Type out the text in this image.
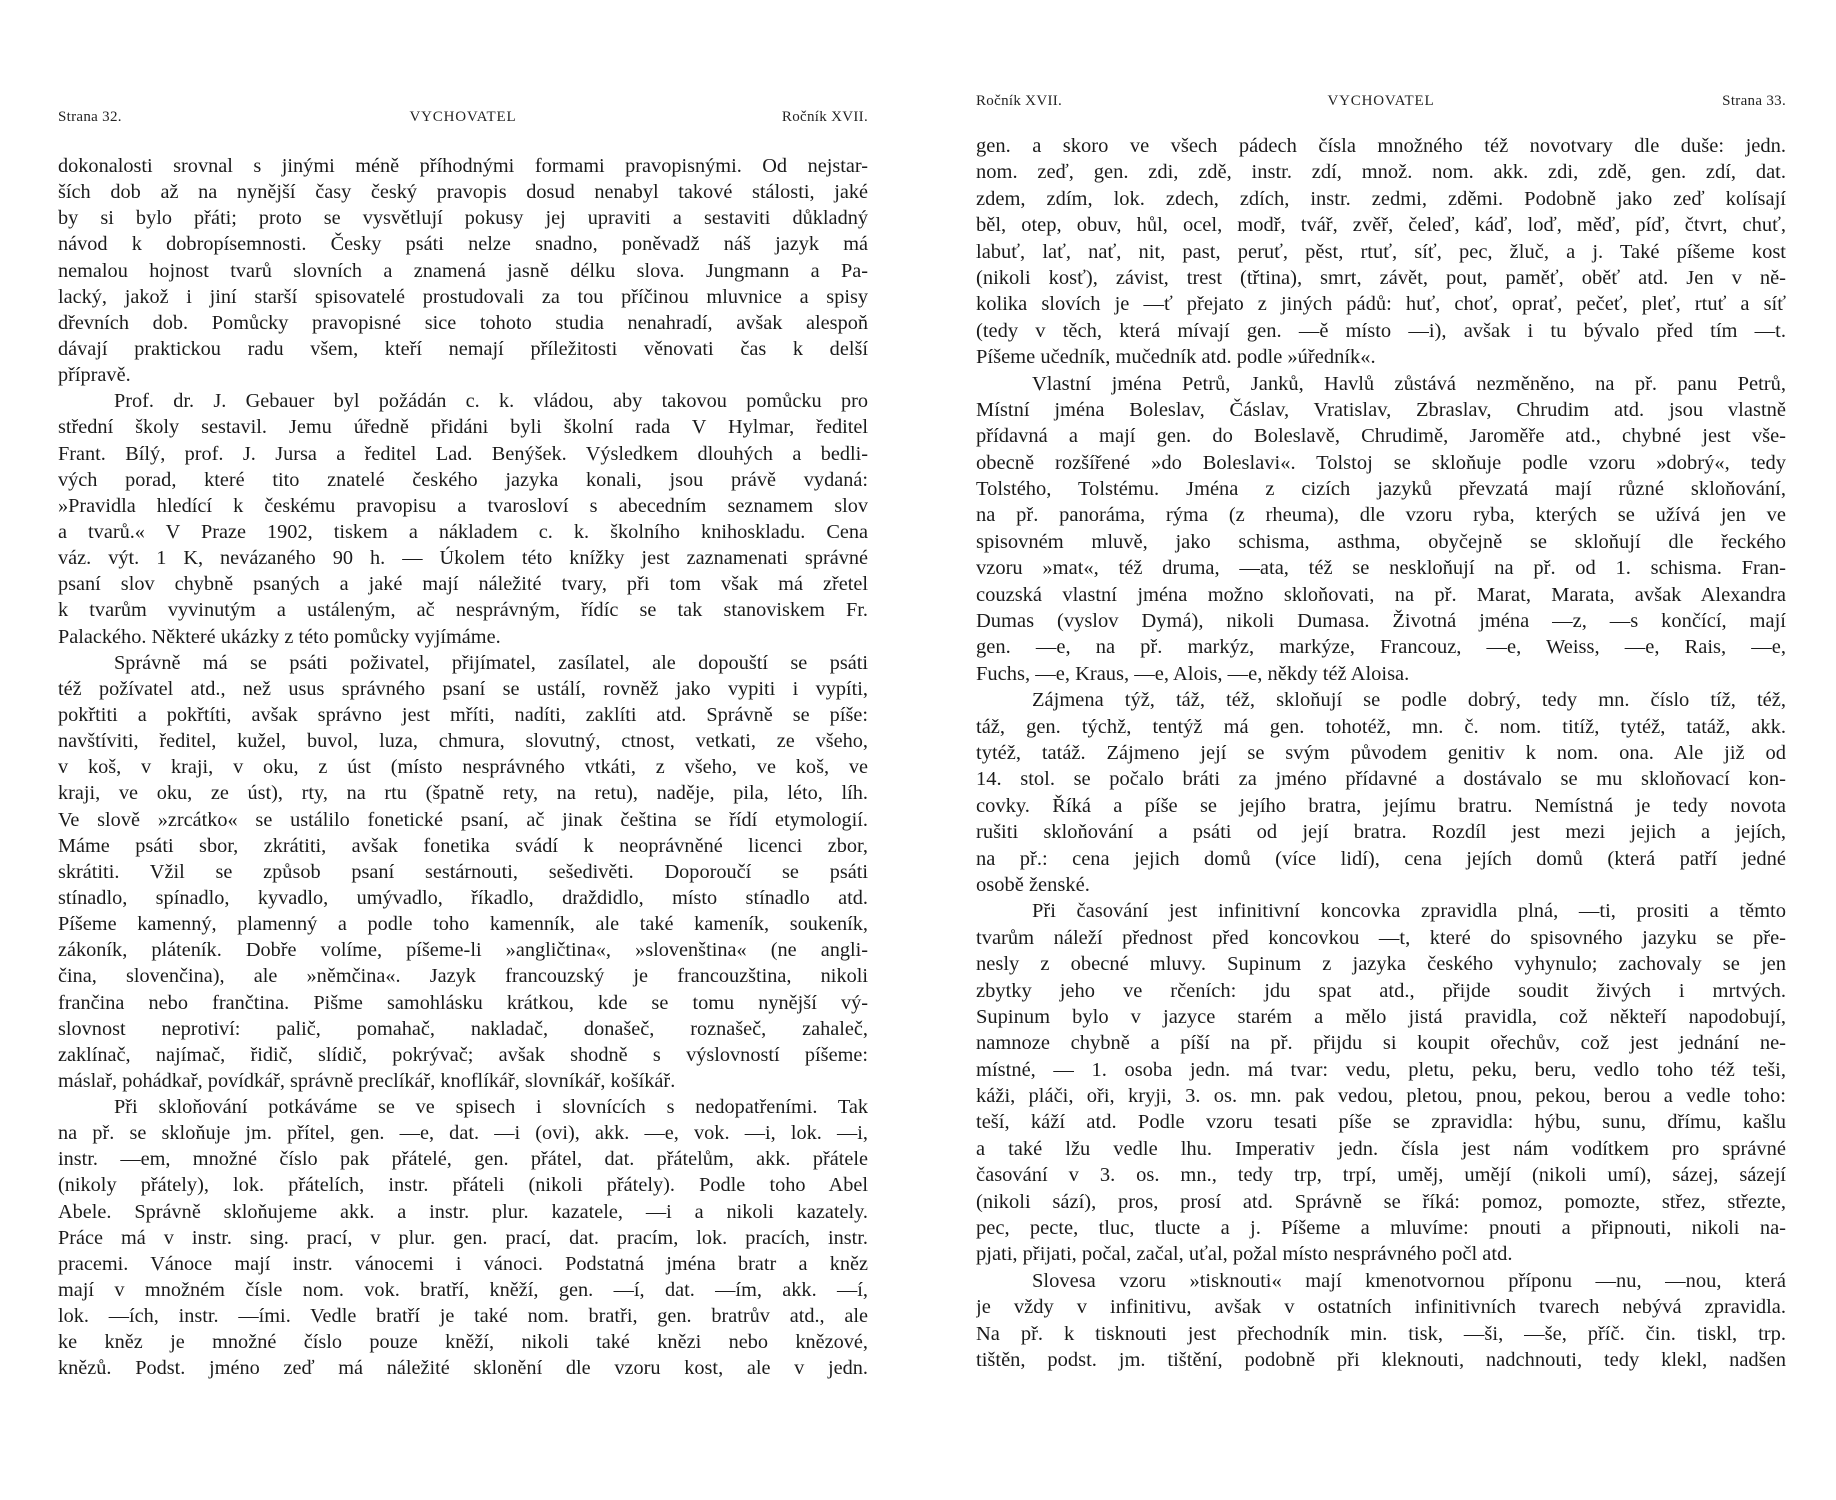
Strana 32.	VYCHOVATEL	Ročník XVII.
dokonalosti srovnal s jinými méně příhodnými formami pravopisnými. Od nejstar-
ších dob až na nynější časy český pravopis dosud nenabyl takové stálosti, jaké
by si bylo přáti; proto se vysvětlují pokusy jej upraviti a sestaviti důkladný
návod k dobropísemnosti. Česky psáti nelze snadno, poněvadž náš jazyk má
nemalou hojnost tvarů slovních a znamená jasně délku slova. Jungmann a Pa-
lacký, jakož i jiní starší spisovatelé prostudovali za tou příčinou mluvnice a spisy
dřevních dob. Pomůcky pravopisné sice tohoto studia nenahradí, avšak alespoň
dávají praktickou radu všem, kteří nemají příležitosti věnovati čas k delší
přípravě.
Prof. dr. J. Gebauer byl požádán c. k. vládou, aby takovou pomůcku pro
střední školy sestavil. Jemu úředně přidáni byli školní rada V Hylmar, ředitel
Frant. Bílý, prof. J. Jursa a ředitel Lad. Benýšek. Výsledkem dlouhých a bedli-
vých porad, které tito znatelé českého jazyka konali, jsou právě vydaná:
»Pravidla hledící k českému pravopisu a tvarosloví s abecedním seznamem slov
a tvarů.« V Praze 1902, tiskem a nákladem c. k. školního knihoskladu. Cena
váz. výt. 1 K, nevázaného 90 h. — Úkolem této knížky jest zaznamenati správné
psaní slov chybně psaných a jaké mají náležité tvary, při tom však má zřetel
k tvarům vyvinutým a ustáleným, ač nesprávným, řídíc se tak stanoviskem Fr.
Palackého. Některé ukázky z této pomůcky vyjímáme.
Správně má se psáti poživatel, přijímatel, zasílatel, ale dopouští se psáti
též požívatel atd., než usus správného psaní se ustálí, rovněž jako vypiti i vypíti,
pokřtiti a pokřtíti, avšak správno jest mříti, nadíti, zaklíti atd. Správně se píše:
navštíviti, ředitel, kužel, buvol, luza, chmura, slovutný, ctnost, vetkati, ze všeho,
v koš, v kraji, v oku, z úst (místo nesprávného vtkáti, z všeho, ve koš, ve
kraji, ve oku, ze úst), rty, na rtu (špatně rety, na retu), naděje, pila, léto, líh.
Ve slově »zrcátko« se ustálilo fonetické psaní, ač jinak čeština se řídí etymologií.
Máme psáti sbor, zkrátiti, avšak fonetika svádí k neoprávněné licenci zbor,
skrátiti. Vžil se způsob psaní sestárnouti, sešedivěti. Doporoučí se psáti
stínadlo, spínadlo, kyvadlo, umývadlo, říkadlo, draždidlo, místo stínadlo atd.
Píšeme kamenný, plamenný a podle toho kamenník, ale také kameník, soukeník,
zákoník, pláteník. Dobře volíme, píšeme-li »angličtina«, »slovenština« (ne angli-
čina, slovenčina), ale »němčina«. Jazyk francouzský je francouzština, nikoli
frančina nebo frančtina. Pišme samohlásku krátkou, kde se tomu nynější vý-
slovnost neprotiví: palič, pomahač, nakladač, donašeč, roznašeč, zahaleč,
zaklínač, najímač, řidič, slídič, pokrývač; avšak shodně s výslovností píšeme:
máslař, pohádkař, povídkář, správně preclíkář, knoflíkář, slovníkář, košíkář.
Při skloňování potkáváme se ve spisech i slovnících s nedopatřeními. Tak
na př. se skloňuje jm. přítel, gen. —e, dat. —i (ovi), akk. —e, vok. —i, lok. —i,
instr. —em, množné číslo pak přátelé, gen. přátel, dat. přátelům, akk. přátele
(nikoly přátely), lok. přátelích, instr. přáteli (nikoli přátely). Podle toho Abel
Abele. Správně skloňujeme akk. a instr. plur. kazatele, —i a nikoli kazately.
Práce má v instr. sing. prací, v plur. gen. prací, dat. pracím, lok. pracích, instr.
pracemi. Vánoce mají instr. vánocemi i vánoci. Podstatná jména bratr a kněz
mají v množném čísle nom. vok. bratří, kněží, gen. —í, dat. —ím, akk. —í,
lok. —ích, instr. —ími. Vedle bratří je také nom. bratři, gen. bratrův atd., ale
ke kněz je množné číslo pouze kněží, nikoli také knězi nebo knězové,
knězů. Podst. jméno zeď má náležité sklonění dle vzoru kost, ale v jedn.
Ročník XVII.	VYCHOVATEL	Strana 33.
gen. a skoro ve všech pádech čísla množného též novotvary dle duše: jedn.
nom. zeď, gen. zdi, zdě, instr. zdí, množ. nom. akk. zdi, zdě, gen. zdí, dat.
zdem, zdím, lok. zdech, zdích, instr. zedmi, zděmi. Podobně jako zeď kolísají
běl, otep, obuv, hůl, ocel, modř, tvář, zvěř, čeleď, káď, loď, měď, píď, čtvrt, chuť,
labuť, lať, nať, nit, past, peruť, pěst, rtuť, síť, pec, žluč, a j. Také píšeme kost
(nikoli kosť), závist, trest (třtina), smrt, závět, pout, paměť, oběť atd. Jen v ně-
kolika slovích je —ť přejato z jiných pádů: huť, choť, oprať, pečeť, pleť, rtuť a síť
(tedy v těch, která mívají gen. —ě místo —i), avšak i tu bývalo před tím —t.
Píšeme učedník, mučedník atd. podle »úředník«.
Vlastní jména Petrů, Janků, Havlů zůstává nezměněno, na př. panu Petrů,
Místní jména Boleslav, Čáslav, Vratislav, Zbraslav, Chrudim atd. jsou vlastně
přídavná a mají gen. do Boleslavě, Chrudimě, Jaroměře atd., chybné jest vše-
obecně rozšířené »do Boleslavi«. Tolstoj se skloňuje podle vzoru »dobrý«, tedy
Tolstého, Tolstému. Jména z cizích jazyků převzatá mají různé skloňování,
na př. panoráma, rýma (z rheuma), dle vzoru ryba, kterých se užívá jen ve
spisovném mluvě, jako schisma, asthma, obyčejně se skloňují dle řeckého
vzoru »mat«, též druma, —ata, též se neskloňují na př. od 1. schisma. Fran-
couzská vlastní jména možno skloňovati, na př. Marat, Marata, avšak Alexandra
Dumas (vyslov Dymá), nikoli Dumasa. Životná jména —z, —s končící, mají
gen. —e, na př. markýz, markýze, Francouz, —e, Weiss, —e, Rais, —e,
Fuchs, —e, Kraus, —e, Alois, —e, někdy též Aloisa.
Zájmena týž, táž, též, skloňují se podle dobrý, tedy mn. číslo tíž, též,
táž, gen. týchž, tentýž má gen. tohotéž, mn. č. nom. titíž, tytéž, tatáž, akk.
tytéž, tatáž. Zájmeno její se svým původem genitiv k nom. ona. Ale již od
14. stol. se počalo bráti za jméno přídavné a dostávalo se mu skloňovací kon-
covky. Říká a píše se jejího bratra, jejímu bratru. Nemístná je tedy novota
rušiti skloňování a psáti od její bratra. Rozdíl jest mezi jejich a jejích,
na př.: cena jejich domů (více lidí), cena jejích domů (která patří jedné
osobě ženské.
Při časování jest infinitivní koncovka zpravidla plná, —ti, prositi a těmto
tvarům náleží přednost před koncovkou —t, které do spisovného jazyku se pře-
nesly z obecné mluvy. Supinum z jazyka českého vyhynulo; zachovaly se jen
zbytky jeho ve rčeních: jdu spat atd., přijde soudit živých i mrtvých.
Supinum bylo v jazyce starém a mělo jistá pravidla, což někteří napodobují,
namnoze chybně a píší na př. přijdu si koupit ořechův, což jest jednání ne-
místné, — 1. osoba jedn. má tvar: vedu, pletu, peku, beru, vedlo toho též teši,
káži, pláči, oři, kryji, 3. os. mn. pak vedou, pletou, pnou, pekou, berou a vedle toho:
teší, káží atd. Podle vzoru tesati píše se zpravidla: hýbu, sunu, dřímu, kašlu
a také lžu vedle lhu. Imperativ jedn. čísla jest nám vodítkem pro správné
časování v 3. os. mn., tedy trp, trpí, uměj, umějí (nikoli umí), sázej, sázejí
(nikoli sází), pros, prosí atd. Správně se říká: pomoz, pomozte, střez, střezte,
pec, pecte, tluc, tlucte a j. Píšeme a mluvíme: pnouti a připnouti, nikoli na-
pjati, přijati, počal, začal, uťal, požal místo nesprávného počl atd.
Slovesa vzoru »tisknouti« mají kmenotvornou příponu —nu, —nou, která
je vždy v infinitivu, avšak v ostatních infinitivních tvarech nebývá zpravidla.
Na př. k tisknouti jest přechodník min. tisk, —ši, —še, příč. čin. tiskl, trp.
tištěn, podst. jm. tištění, podobně při kleknouti, nadchnouti, tedy klekl, nadšen
